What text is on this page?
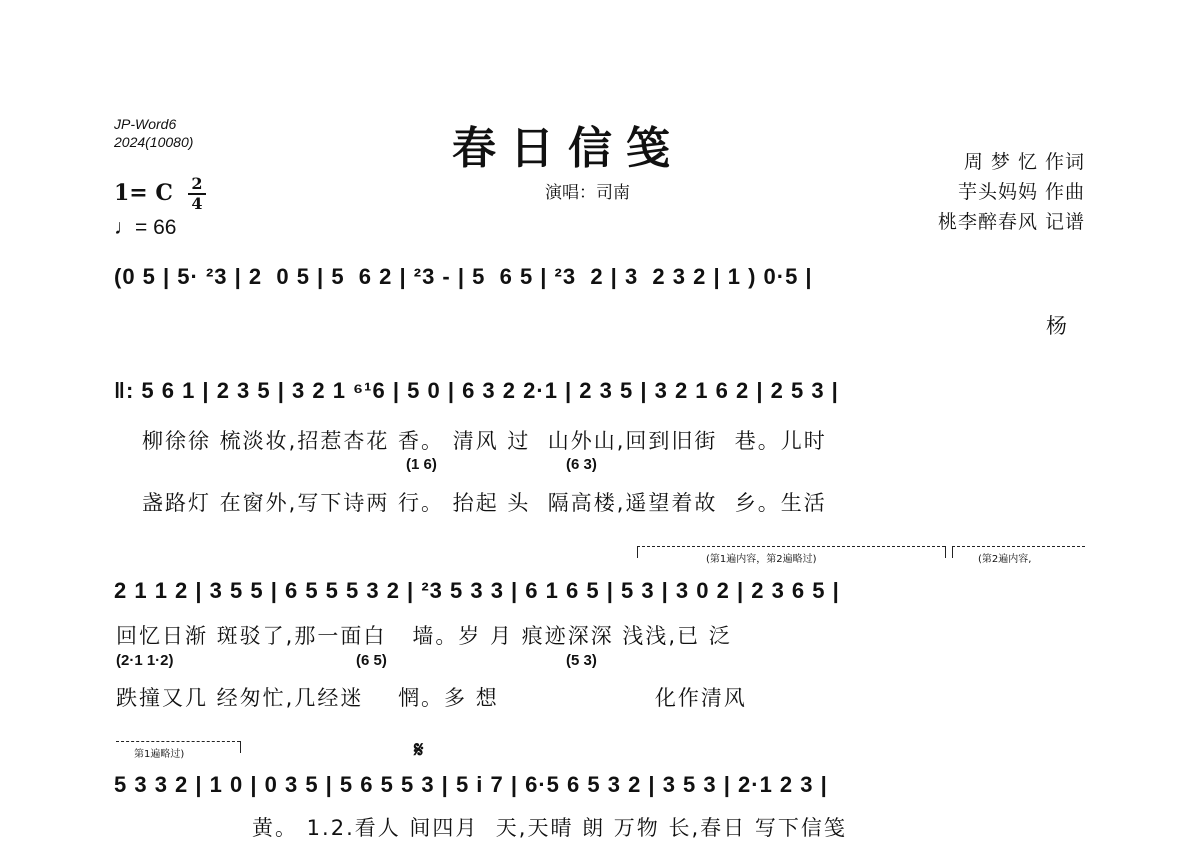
JP-Word6
2024(10080)	春日信笺
演唱：司南
周 梦 忆 作词
芋头妈妈 作曲
桃李醉春风 记谱
1= C 2
4
♩= 66
(0 5 | 5· ²3 | 2  0 5 | 5  6 2 | ²3 - | 5  6 5 | ²3  2 | 3  2 3 2 | 1 ) 0·5 |
杨
‖: 5 6 1 | 2 3 5 | 3 2 1 ⁶¹6 | 5 0 | 6 3 2 2·1 | 2 3 5 | 3 2 1 6 2 | 2 5 3 |
柳徐徐 梳淡妆,招惹杏花 香。 清风 过  山外山,回到旧街  巷。儿时
(1 6)	(6 3)
盏路灯 在窗外,写下诗两 行。 抬起 头  隔高楼,遥望着故  乡。生活
(第1遍内容，第2遍略过)	(第2遍内容,
2 1 1 2 | 3 5 5 | 6 5 5 5 3 2 | ²3 5 3 3 | 6 1 6 5 | 5 3 | 3 0 2 | 2 3 6 5 |
回忆日渐 斑驳了,那一面白   墙。岁 月 痕迹深深 浅浅,已 泛
(2·1 1·2)	(6 5)	(5 3)
跌撞又几 经匆忙,几经迷    惘。多 想                  化作清风
第1遍略过)	𝄋
5 3 3 2 | 1 0 | 0 3 5 | 5 6 5 5 3 | 5 i 7 | 6·5 6 5 3 2 | 3 5 3 | 2·1 2 3 |
黄。 1.2.看人 间四月  天,天晴 朗 万物 长,春日 写下信笺
